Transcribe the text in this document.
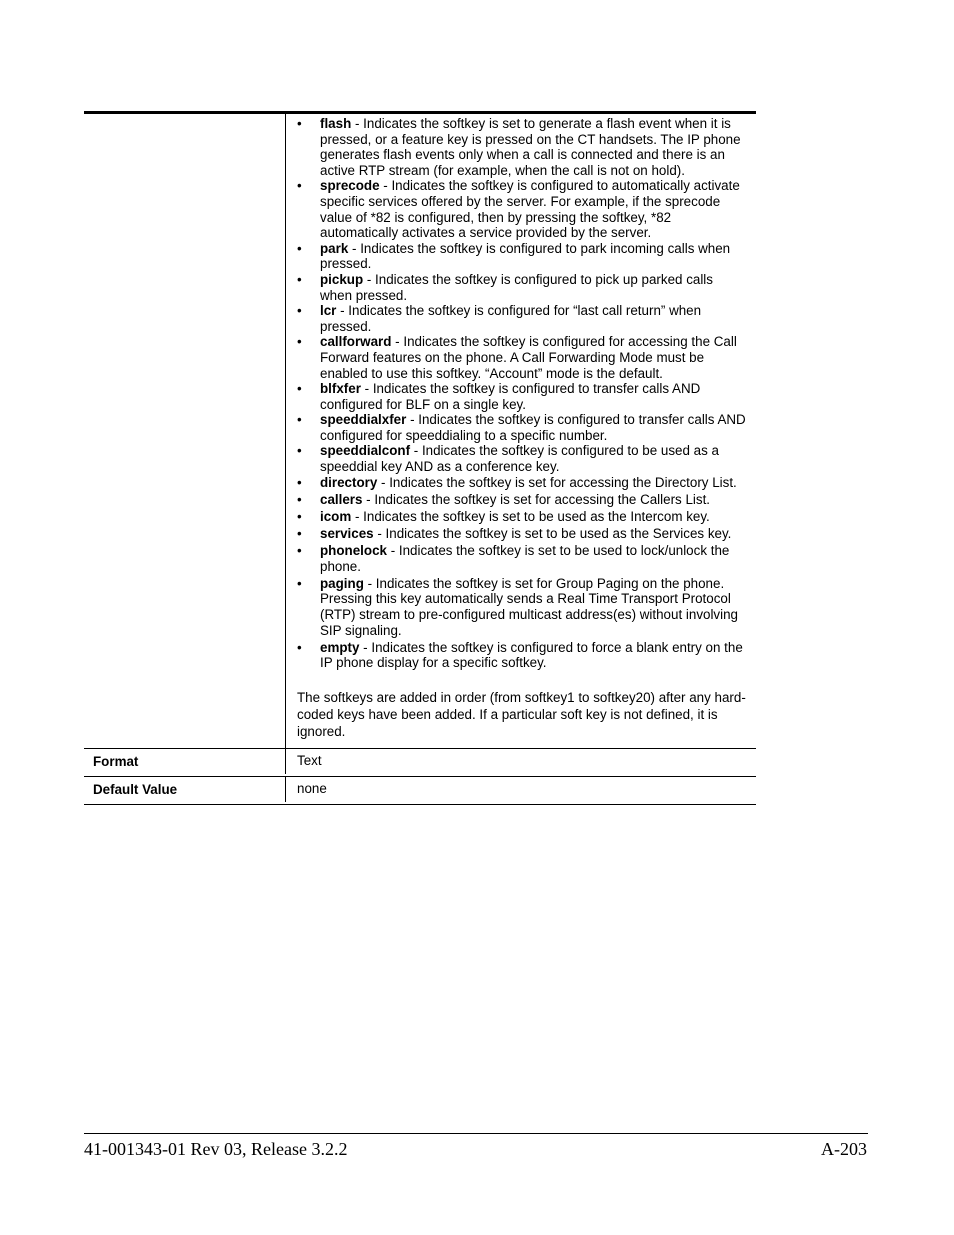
• flash - Indicates the softkey is set to generate a flash event when it is pressed, or a feature key is pressed on the CT handsets. The IP phone generates flash events only when a call is connected and there is an active RTP stream (for example, when the call is not on hold).
• sprecode - Indicates the softkey is configured to automatically activate specific services offered by the server. For example, if the sprecode value of *82 is configured, then by pressing the softkey, *82 automatically activates a service provided by the server.
• park - Indicates the softkey is configured to park incoming calls when pressed.
• pickup - Indicates the softkey is configured to pick up parked calls when pressed.
• lcr - Indicates the softkey is configured for “last call return” when pressed.
• callforward - Indicates the softkey is configured for accessing the Call Forward features on the phone. A Call Forwarding Mode must be enabled to use this softkey. “Account” mode is the default.
• blfxfer - Indicates the softkey is configured to transfer calls AND configured for BLF on a single key.
• speeddialxfer - Indicates the softkey is configured to transfer calls AND configured for speeddialing to a specific number.
• speeddialconf - Indicates the softkey is configured to be used as a speeddial key AND as a conference key.
• directory - Indicates the softkey is set for accessing the Directory List.
• callers - Indicates the softkey is set for accessing the Callers List.
• icom - Indicates the softkey is set to be used as the Intercom key.
• services - Indicates the softkey is set to be used as the Services key.
• phonelock - Indicates the softkey is set to be used to lock/unlock the phone.
• paging - Indicates the softkey is set for Group Paging on the phone. Pressing this key automatically sends a Real Time Transport Protocol (RTP) stream to pre-configured multicast address(es) without involving SIP signaling.
• empty - Indicates the softkey is configured to force a blank entry on the IP phone display for a specific softkey.
The softkeys are added in order (from softkey1 to softkey20) after any hard-coded keys have been added. If a particular soft key is not defined, it is ignored.
Format	Text
Default Value	none
41-001343-01 Rev 03, Release 3.2.2	A-203
